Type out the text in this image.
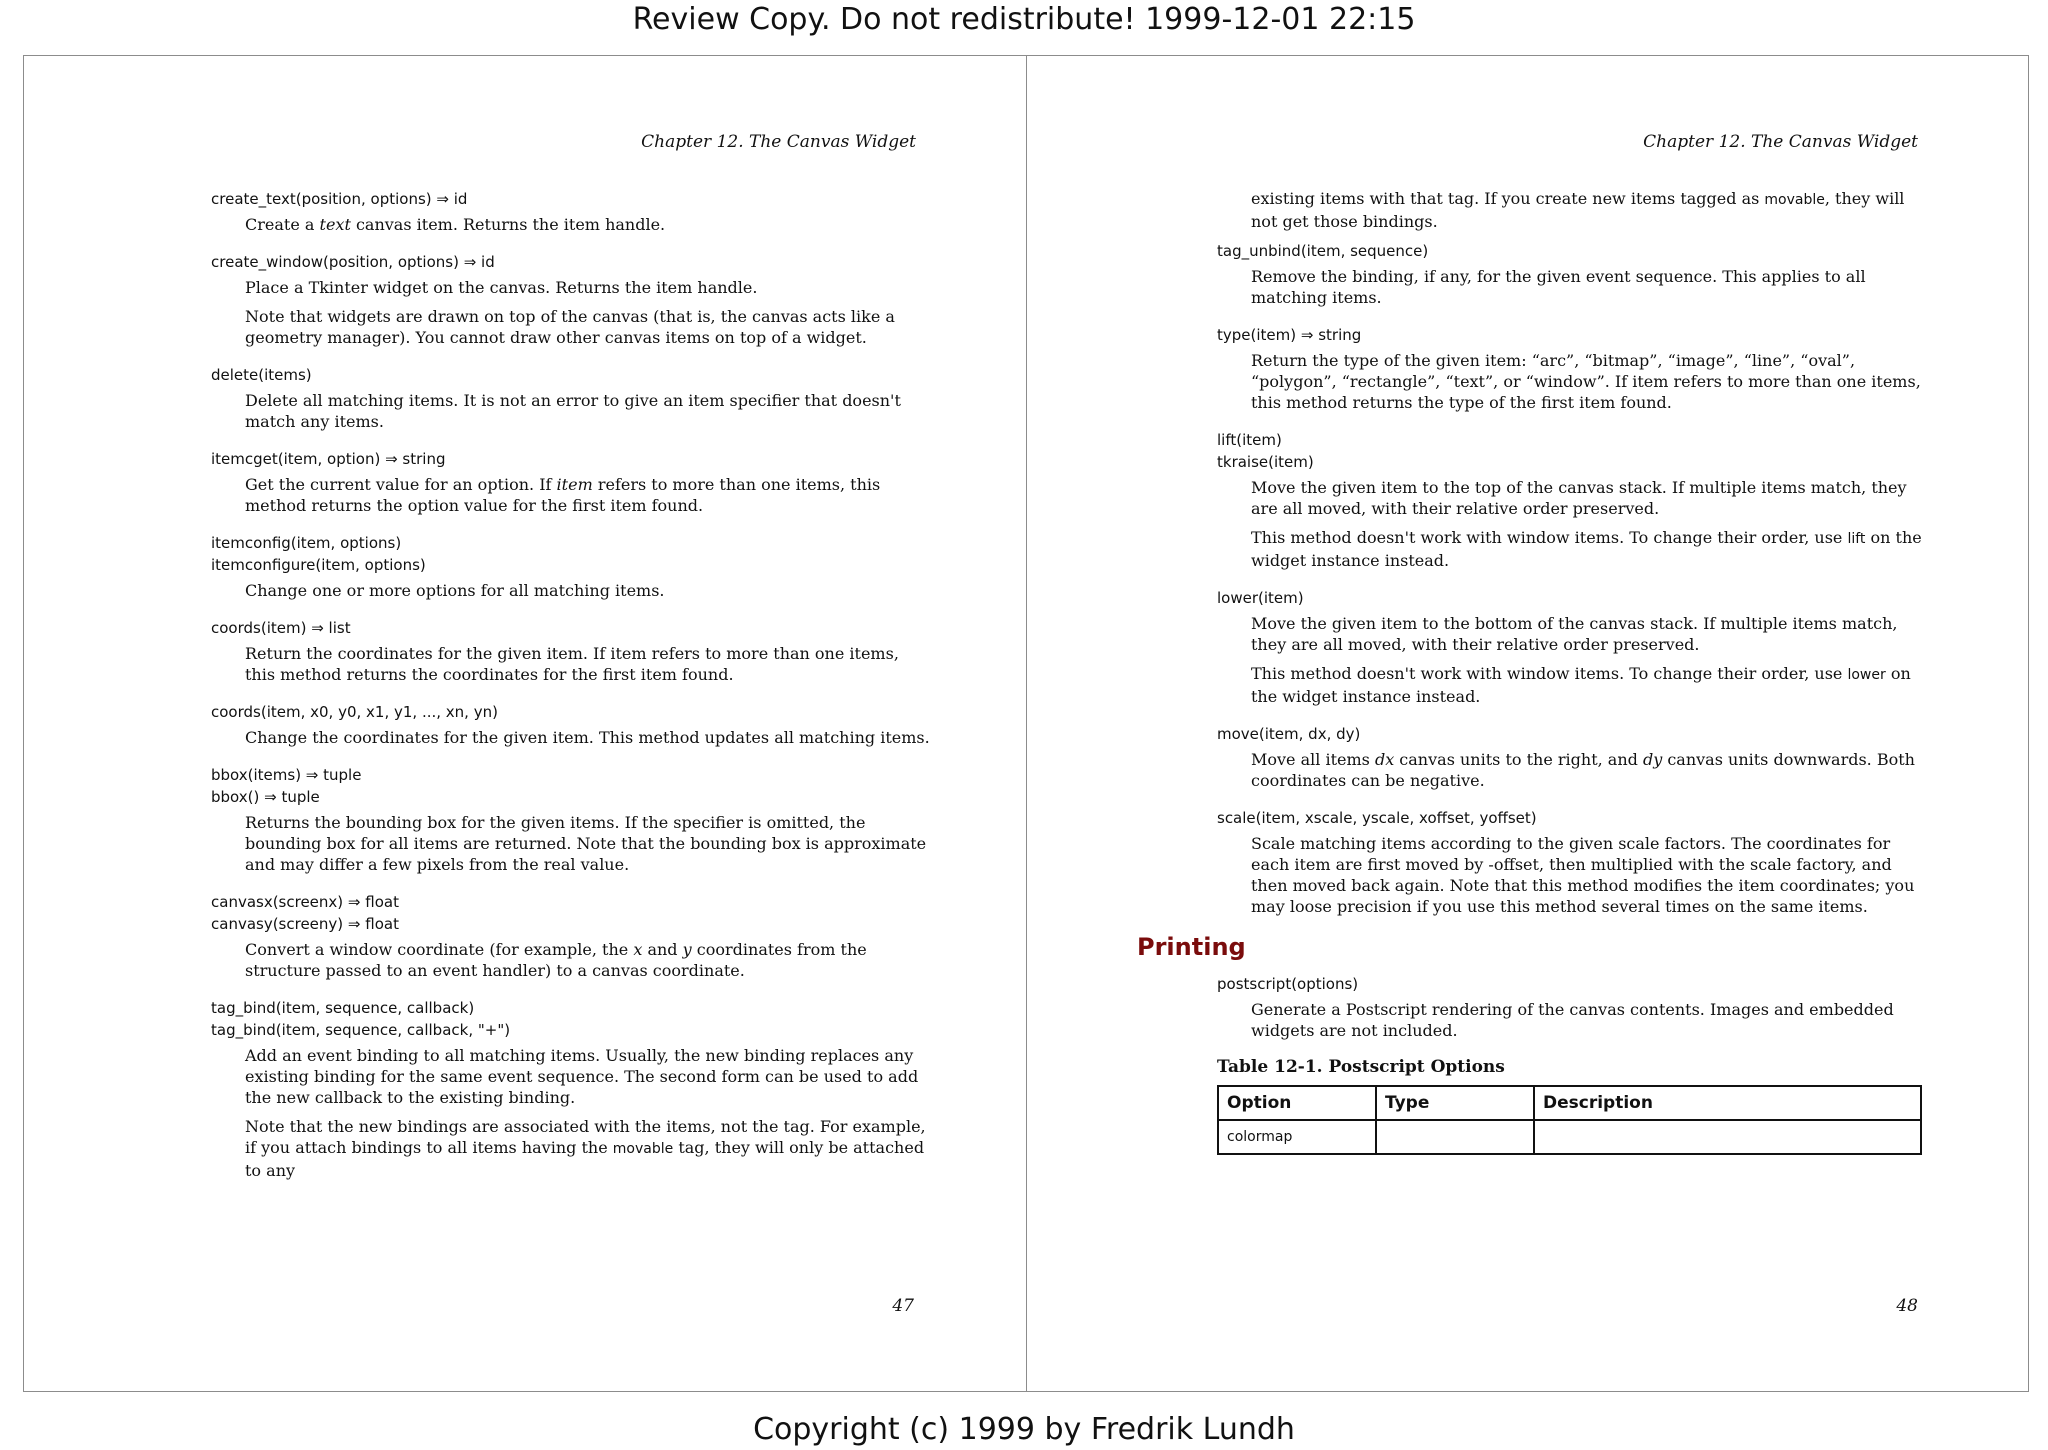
Review Copy. Do not redistribute! 1999-12-01 22:15
Chapter 12. The Canvas Widget
create_text(position, options) ⇒ id

Create a text canvas item. Returns the item handle.

create_window(position, options) ⇒ id

Place a Tkinter widget on the canvas. Returns the item handle.

Note that widgets are drawn on top of the canvas (that is, the canvas acts like a geometry manager). You cannot draw other canvas items on top of a widget.

delete(items)

Delete all matching items. It is not an error to give an item specifier that doesn't match any items.

itemcget(item, option) ⇒ string

Get the current value for an option. If item refers to more than one items, this method returns the option value for the first item found.

itemconfig(item, options)
itemconfigure(item, options)

Change one or more options for all matching items.

coords(item) ⇒ list

Return the coordinates for the given item. If item refers to more than one items, this method returns the coordinates for the first item found.

coords(item, x0, y0, x1, y1, ..., xn, yn)

Change the coordinates for the given item. This method updates all matching items.

bbox(items) ⇒ tuple
bbox() ⇒ tuple

Returns the bounding box for the given items. If the specifier is omitted, the bounding box for all items are returned. Note that the bounding box is approximate and may differ a few pixels from the real value.

canvasx(screenx) ⇒ float
canvasy(screeny) ⇒ float

Convert a window coordinate (for example, the x and y coordinates from the structure passed to an event handler) to a canvas coordinate.

tag_bind(item, sequence, callback)
tag_bind(item, sequence, callback, "+")

Add an event binding to all matching items. Usually, the new binding replaces any existing binding for the same event sequence. The second form can be used to add the new callback to the existing binding.

Note that the new bindings are associated with the items, not the tag. For example, if you attach bindings to all items having the movable tag, they will only be attached to any

47
Chapter 12. The Canvas Widget

existing items with that tag. If you create new items tagged as movable, they will not get those bindings.

tag_unbind(item, sequence)

Remove the binding, if any, for the given event sequence. This applies to all matching items.

type(item) ⇒ string

Return the type of the given item: “arc”, “bitmap”, “image”, “line”, “oval”, “polygon”, “rectangle”, “text”, or “window”. If item refers to more than one items, this method returns the type of the first item found.

lift(item)
tkraise(item)

Move the given item to the top of the canvas stack. If multiple items match, they are all moved, with their relative order preserved.

This method doesn't work with window items. To change their order, use lift on the widget instance instead.

lower(item)

Move the given item to the bottom of the canvas stack. If multiple items match, they are all moved, with their relative order preserved.

This method doesn't work with window items. To change their order, use lower on the widget instance instead.

move(item, dx, dy)

Move all items dx canvas units to the right, and dy canvas units downwards. Both coordinates can be negative.

scale(item, xscale, yscale, xoffset, yoffset)

Scale matching items according to the given scale factors. The coordinates for each item are first moved by -offset, then multiplied with the scale factory, and then moved back again. Note that this method modifies the item coordinates; you may loose precision if you use this method several times on the same items.

Printing
postscript(options)

Generate a Postscript rendering of the canvas contents. Images and embedded widgets are not included.

Table 12-1. Postscript Options
Option	Type	Description
colormap		
48
Copyright (c) 1999 by Fredrik Lundh
